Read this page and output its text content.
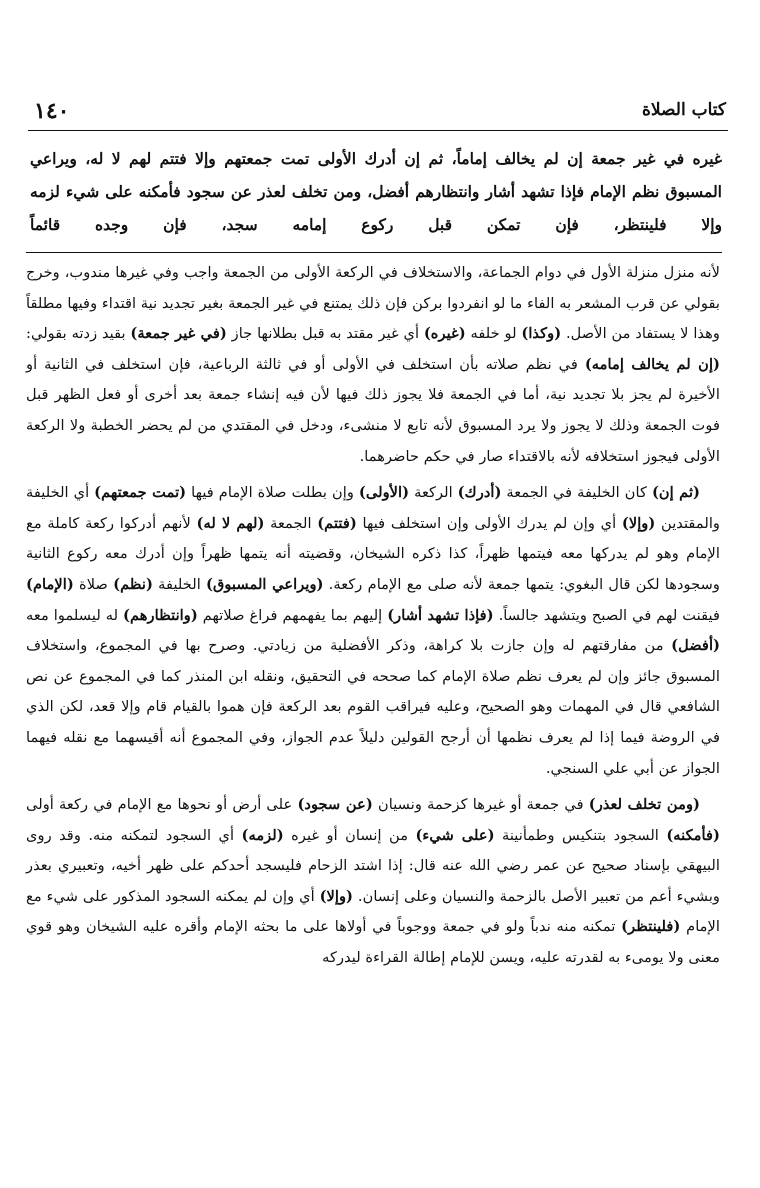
١٤٠	كتاب الصلاة

غيره في غير جمعة إن لم يخالف إماماً، ثم إن أدرك الأولى تمت جمعتهم وإلا فتتم لهم لا له، ويراعي المسبوق نظم الإمام فإذا تشهد أشار وانتظارهم أفضل، ومن تخلف لعذر عن سجود فأمكنه على شيء لزمه وإلا فلينتظر، فإن تمكن قبل ركوع إمامه سجد، فإن وجده قائماً

لأنه منزل منزلة الأول في دوام الجماعة، والاستخلاف في الركعة الأولى من الجمعة واجب وفي غيرها مندوب، وخرج بقولي عن قرب المشعر به الفاء ما لو انفردوا بركن فإن ذلك يمتنع في غير الجمعة بغير تجديد نية اقتداء وفيها مطلقاً وهذا لا يستفاد من الأصل. (وكذا) لو خلفه (غيره) أي غير مقتد به قبل بطلانها جاز (في غير جمعة) بقيد زدته بقولي: (إن لم يخالف إمامه) في نظم صلاته بأن استخلف في الأولى أو في ثالثة الرباعية، فإن استخلف في الثانية أو الأخيرة لم يجز بلا تجديد نية، أما في الجمعة فلا يجوز ذلك فيها لأن فيه إنشاء جمعة بعد أخرى أو فعل الظهر قبل فوت الجمعة وذلك لا يجوز ولا يرد المسبوق لأنه تابع لا منشىء، ودخل في المقتدي من لم يحضر الخطبة ولا الركعة الأولى فيجوز استخلافه لأنه بالاقتداء صار في حكم حاضرهما.

(ثم إن) كان الخليفة في الجمعة (أدرك) الركعة (الأولى) وإن بطلت صلاة الإمام فيها (تمت جمعتهم) أي الخليفة والمقتدين (وإلا) أي وإن لم يدرك الأولى وإن استخلف فيها (فتتم) الجمعة (لهم لا له) لأنهم أدركوا ركعة كاملة مع الإمام وهو لم يدركها معه فيتمها ظهراً، كذا ذكره الشيخان، وقضيته أنه يتمها ظهراً وإن أدرك معه ركوع الثانية وسجودها لكن قال البغوي: يتمها جمعة لأنه صلى مع الإمام ركعة. (ويراعي المسبوق) الخليفة (نظم) صلاة (الإمام) فيقنت لهم في الصبح ويتشهد جالساً. (فإذا تشهد أشار) إليهم بما يفهمهم فراغ صلاتهم (وانتظارهم) له ليسلموا معه (أفضل) من مفارقتهم له وإن جازت بلا كراهة، وذكر الأفضلية من زيادتي. وصرح بها في المجموع، واستخلاف المسبوق جائز وإن لم يعرف نظم صلاة الإمام كما صححه في التحقيق، ونقله ابن المنذر كما في المجموع عن نص الشافعي قال في المهمات وهو الصحيح، وعليه فيراقب القوم بعد الركعة فإن هموا بالقيام قام وإلا قعد، لكن الذي في الروضة فيما إذا لم يعرف نظمها أن أرجح القولين دليلاً عدم الجواز، وفي المجموع أنه أقيسهما مع نقله فيهما الجواز عن أبي علي السنجي.

(ومن تخلف لعذر) في جمعة أو غيرها كزحمة ونسيان (عن سجود) على أرض أو نحوها مع الإمام في ركعة أولى (فأمكنه) السجود بتنكيس وطمأنينة (على شيء) من إنسان أو غيره (لزمه) أي السجود لتمكنه منه. وقد روى البيهقي بإسناد صحيح عن عمر رضي الله عنه قال: إذا اشتد الزحام فليسجد أحدكم على ظهر أخيه، وتعبيري بعذر وبشيء أعم من تعبير الأصل بالزحمة والنسيان وعلى إنسان. (وإلا) أي وإن لم يمكنه السجود المذكور على شيء مع الإمام (فلينتظر) تمكنه منه ندباً ولو في جمعة ووجوباً في أولاها على ما بحثه الإمام وأقره عليه الشيخان وهو قوي معنى ولا يومىء به لقدرته عليه، ويسن للإمام إطالة القراءة ليدركه
